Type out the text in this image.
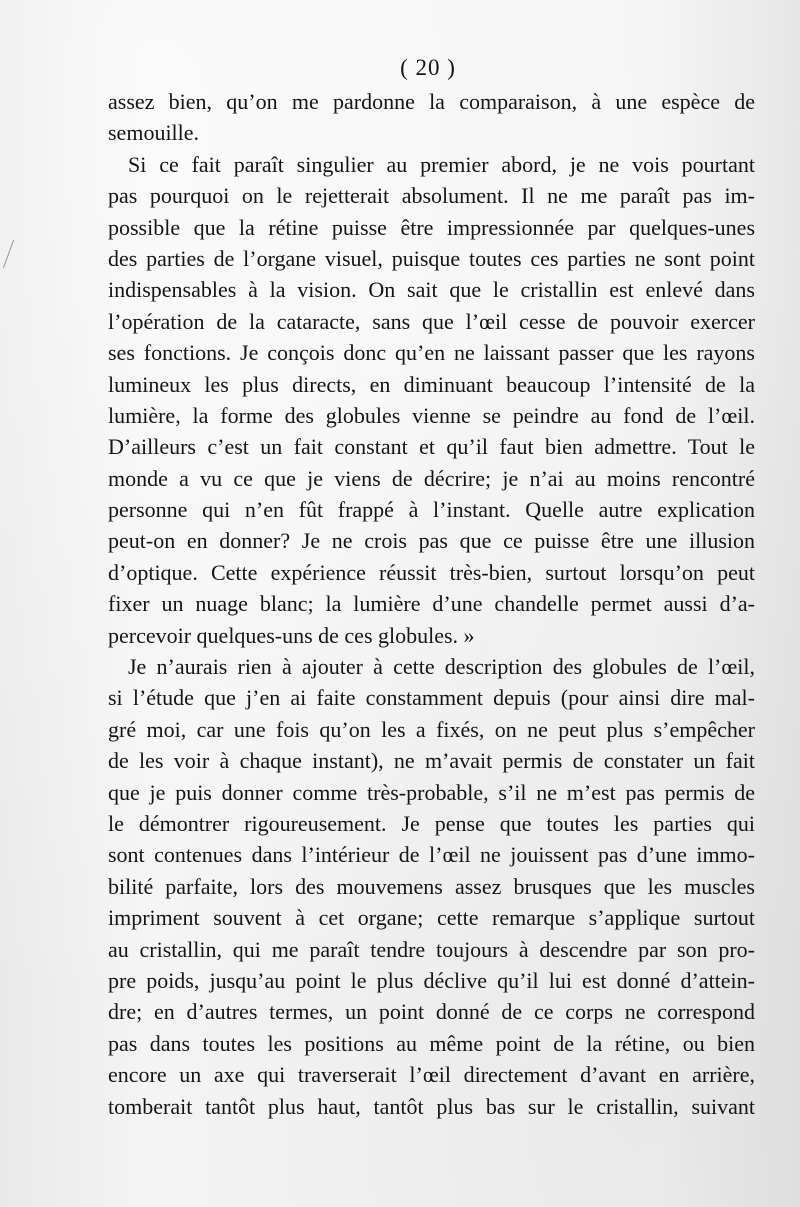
( 20 )
assez bien, qu’on me pardonne la comparaison, à une espèce de
semouille.
Si ce fait paraît singulier au premier abord, je ne vois pourtant
pas pourquoi on le rejetterait absolument. Il ne me paraît pas im-
possible que la rétine puisse être impressionnée par quelques-unes
des parties de l’organe visuel, puisque toutes ces parties ne sont point
indispensables à la vision. On sait que le cristallin est enlevé dans
l’opération de la cataracte, sans que l’œil cesse de pouvoir exercer
ses fonctions. Je conçois donc qu’en ne laissant passer que les rayons
lumineux les plus directs, en diminuant beaucoup l’intensité de la
lumière, la forme des globules vienne se peindre au fond de l’œil.
D’ailleurs c’est un fait constant et qu’il faut bien admettre. Tout le
monde a vu ce que je viens de décrire; je n’ai au moins rencontré
personne qui n’en fût frappé à l’instant. Quelle autre explication
peut-on en donner? Je ne crois pas que ce puisse être une illusion
d’optique. Cette expérience réussit très-bien, surtout lorsqu’on peut
fixer un nuage blanc; la lumière d’une chandelle permet aussi d’a-
percevoir quelques-uns de ces globules. »
Je n’aurais rien à ajouter à cette description des globules de l’œil,
si l’étude que j’en ai faite constamment depuis (pour ainsi dire mal-
gré moi, car une fois qu’on les a fixés, on ne peut plus s’empêcher
de les voir à chaque instant), ne m’avait permis de constater un fait
que je puis donner comme très-probable, s’il ne m’est pas permis de
le démontrer rigoureusement. Je pense que toutes les parties qui
sont contenues dans l’intérieur de l’œil ne jouissent pas d’une immo-
bilité parfaite, lors des mouvemens assez brusques que les muscles
impriment souvent à cet organe; cette remarque s’applique surtout
au cristallin, qui me paraît tendre toujours à descendre par son pro-
pre poids, jusqu’au point le plus déclive qu’il lui est donné d’attein-
dre; en d’autres termes, un point donné de ce corps ne correspond
pas dans toutes les positions au même point de la rétine, ou bien
encore un axe qui traverserait l’œil directement d’avant en arrière,
tomberait tantôt plus haut, tantôt plus bas sur le cristallin, suivant
